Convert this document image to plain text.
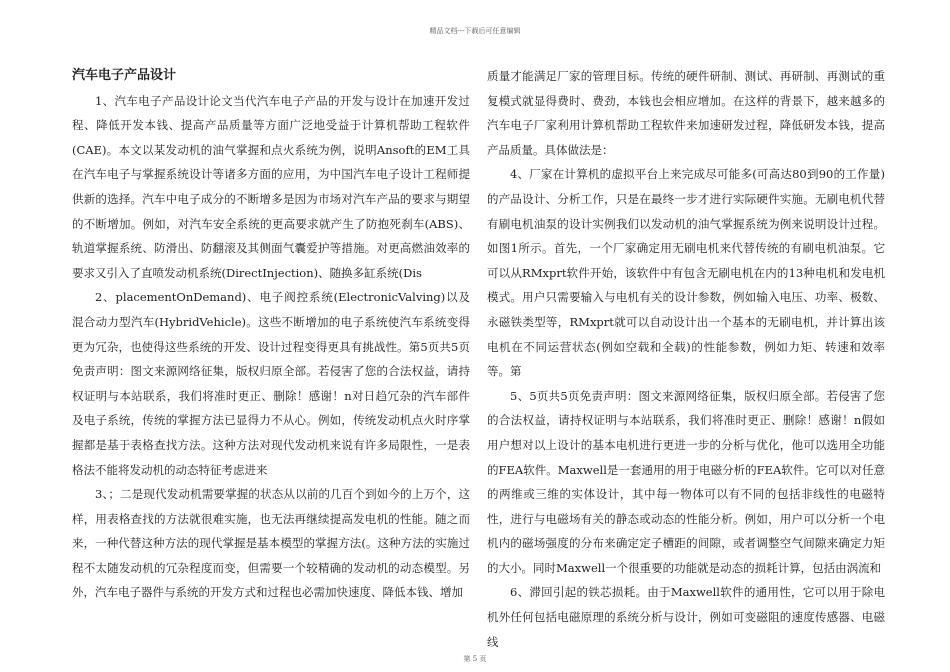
精品文档---下载后可任意编辑
汽车电子产品设计

1、汽车电子产品设计论文当代汽车电子产品的开发与设计在加速开发过程、降低开发本钱、提高产品质量等方面广泛地受益于计算机帮助工程软件(CAE)。本文以某发动机的油气掌握和点火系统为例，说明Ansoft的EM工具在汽车电子与掌握系统设计等诸多方面的应用，为中国汽车电子设计工程师提供新的选择。汽车中电子成分的不断增多是因为市场对汽车产品的要求与期望的不断增加。例如，对汽车安全系统的更高要求就产生了防抱死刹车(ABS)、轨道掌握系统、防滑出、防翻滚及其侧面气囊爱护等措施。对更高燃油效率的要求又引入了直喷发动机系统(DirectInjection)、随换多缸系统(Dis

2、placementOnDemand)、电子阀控系统(ElectronicValving)以及混合动力型汽车(HybridVehicle)。这些不断增加的电子系统使汽车系统变得更为冗杂，也使得这些系统的开发、设计过程变得更具有挑战性。第5页共5页免责声明：图文来源网络征集，版权归原全部。若侵害了您的合法权益，请持权证明与本站联系，我们将准时更正、删除！感谢！n对日趋冗杂的汽车部件及电子系统，传统的掌握方法已显得力不从心。例如，传统发动机点火时序掌握都是基于表格查找方法。这种方法对现代发动机来说有许多局限性，一是表格法不能将发动机的动态特征考虑进来

3、；二是现代发动机需要掌握的状态从以前的几百个到如今的上万个，这样，用表格查找的方法就很难实施，也无法再继续提高发电机的性能。随之而来，一种代替这种方法的现代掌握是基本模型的掌握方法(。这种方法的实施过程不太随发动机的冗杂程度而变，但需要一个较精确的发动机的动态模型。另外，汽车电子器件与系统的开发方式和过程也必需加快速度、降低本钱、增加

质量才能满足厂家的管理目标。传统的硬件研制、测试、再研制、再测试的重复模式就显得费时、费劲，本钱也会相应增加。在这样的背景下，越来越多的汽车电子厂家利用计算机帮助工程软件来加速研发过程，降低研发本钱，提高产品质量。具体做法是：

4、厂家在计算机的虚拟平台上来完成尽可能多(可高达80到90的工作量)的产品设计、分析工作，只是在最终一步才进行实际硬件实施。无刷电机代替有刷电机油泵的设计实例我们以发动机的油气掌握系统为例来说明设计过程。如图1所示。首先，一个厂家确定用无刷电机来代替传统的有刷电机油泵。它可以从RMxprt软件开始，该软件中有包含无刷电机在内的13种电机和发电机模式。用户只需要输入与电机有关的设计参数，例如输入电压、功率、极数、永磁铁类型等，RMxprt就可以自动设计出一个基本的无刷电机，并计算出该电机在不同运营状态(例如空载和全载)的性能参数，例如力矩、转速和效率等。第

5、5页共5页免责声明：图文来源网络征集，版权归原全部。若侵害了您的合法权益，请持权证明与本站联系，我们将准时更正、删除！感谢！n假如用户想对以上设计的基本电机进行更进一步的分析与优化，他可以选用全功能的FEA软件。Maxwell是一套通用的用于电磁分析的FEA软件。它可以对任意的两维或三维的实体设计，其中每一物体可以有不同的包括非线性的电磁特性，进行与电磁场有关的静态或动态的性能分析。例如，用户可以分析一个电机内的磁场强度的分布来确定定子槽距的间隙，或者调整空气间隙来确定力矩的大小。同时Maxwell一个很重要的功能就是动态的损耗计算，包括由涡流和

6、滞回引起的铁芯损耗。由于Maxwell软件的通用性，它可以用于除电机外任何包括电磁原理的系统分析与设计，例如可变磁阻的速度传感器、电磁线

第 5 页
